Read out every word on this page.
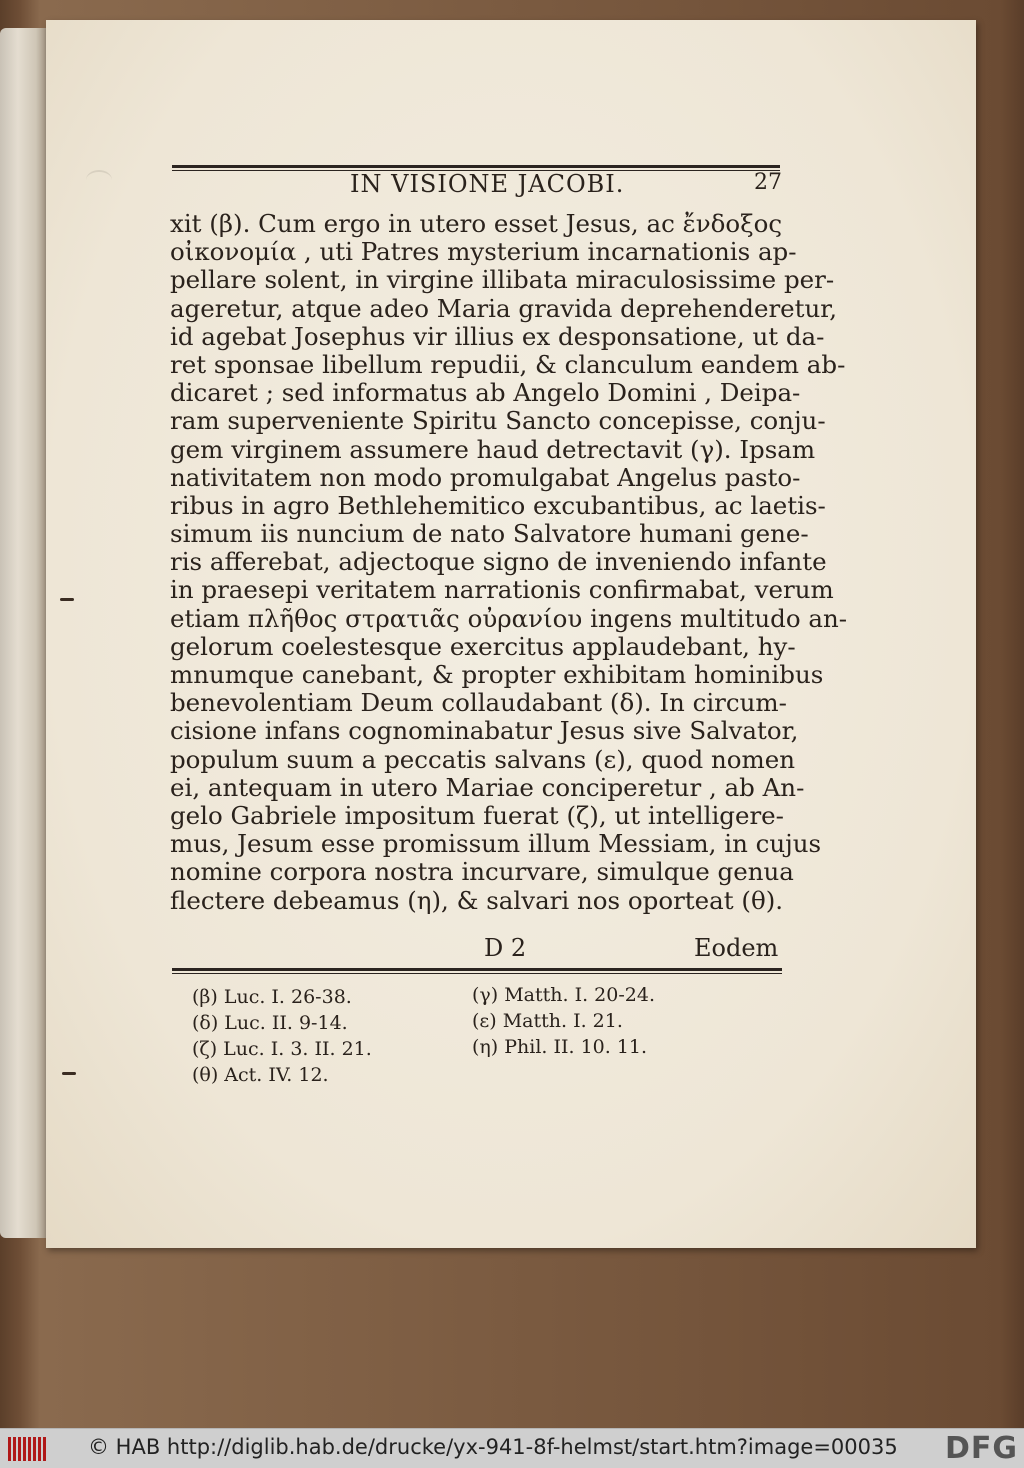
IN VISIONE JACOBI.	27
xit (β). Cum ergo in utero esset Jesus, ac ἔνδοξος
οἰκονομία , uti Patres mysterium incarnationis ap-
pellare solent, in virgine illibata miraculosissime per-
ageretur, atque adeo Maria gravida deprehenderetur,
id agebat Josephus vir illius ex desponsatione, ut da-
ret sponsae libellum repudii, & clanculum eandem ab-
dicaret ; sed informatus ab Angelo Domini , Deipa-
ram superveniente Spiritu Sancto concepisse, conju-
gem virginem assumere haud detrectavit (γ). Ipsam
nativitatem non modo promulgabat Angelus pasto-
ribus in agro Bethlehemitico excubantibus, ac laetis-
simum iis nuncium de nato Salvatore humani gene-
ris afferebat, adjectoque signo de inveniendo infante
in praesepi veritatem narrationis confirmabat, verum
etiam πλῆθος στρατιᾶς οὐρανίου ingens multitudo an-
gelorum coelestesque exercitus applaudebant, hy-
mnumque canebant, & propter exhibitam hominibus
benevolentiam Deum collaudabant (δ). In circum-
cisione infans cognominabatur Jesus sive Salvator,
populum suum a peccatis salvans (ε), quod nomen
ei, antequam in utero Mariae conciperetur , ab An-
gelo Gabriele impositum fuerat (ζ), ut intelligere-
mus, Jesum esse promissum illum Messiam, in cujus
nomine corpora nostra incurvare, simulque genua
flectere debeamus (η), & salvari nos oporteat (θ).
D 2	Eodem
(β) Luc. I. 26-38.	(γ) Matth. I. 20-24.
(δ) Luc. II. 9-14.	(ε) Matth. I. 21.
(ζ) Luc. I. 3. II. 21.	(η) Phil. II. 10. 11.
(θ) Act. IV. 12.
© HAB http://diglib.hab.de/drucke/yx-941-8f-helmst/start.htm?image=00035 DFG
